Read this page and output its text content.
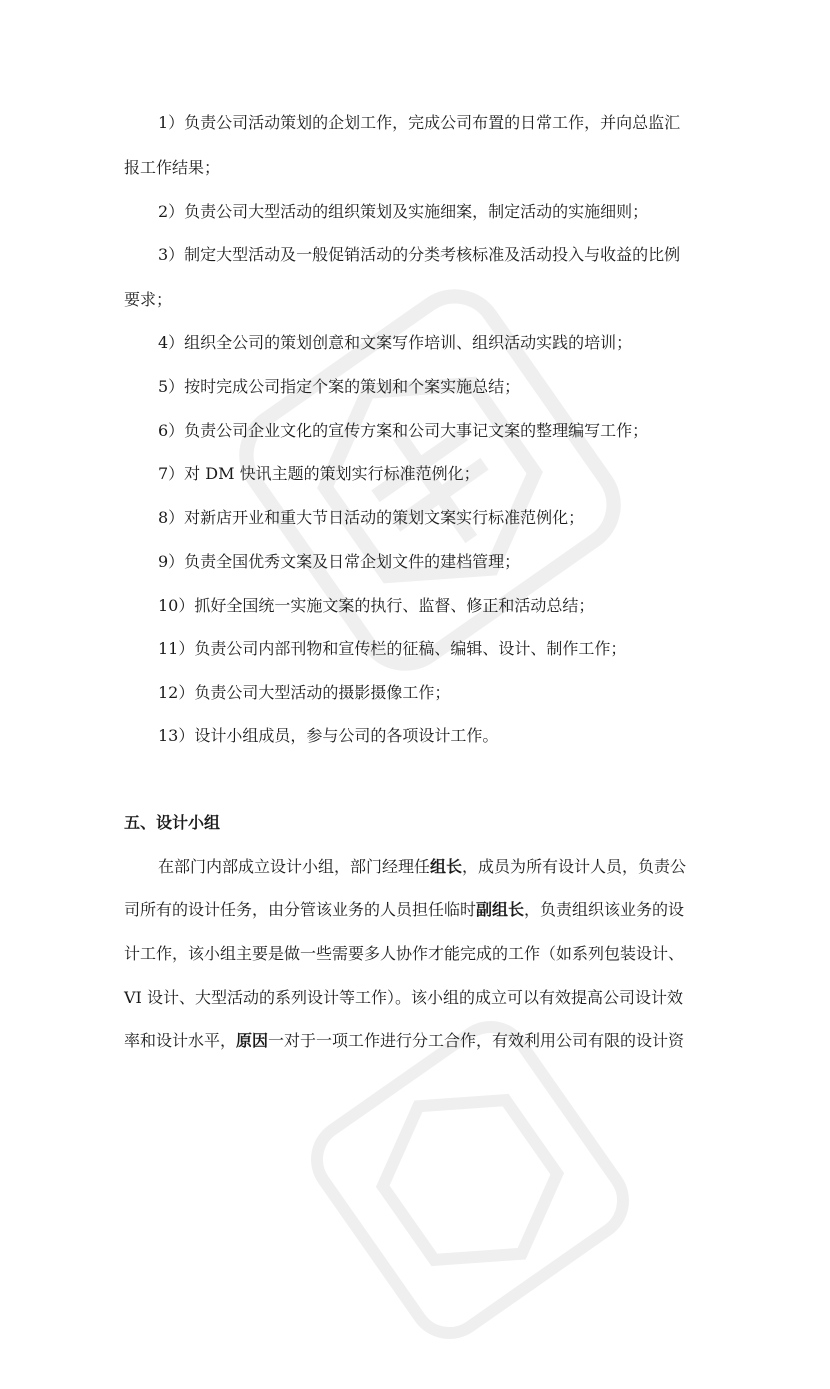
1）负责公司活动策划的企划工作，完成公司布置的日常工作，并向总监汇
报工作结果；
2）负责公司大型活动的组织策划及实施细案，制定活动的实施细则；
3）制定大型活动及一般促销活动的分类考核标准及活动投入与收益的比例
要求；
4）组织全公司的策划创意和文案写作培训、组织活动实践的培训；
5）按时完成公司指定个案的策划和个案实施总结；
6）负责公司企业文化的宣传方案和公司大事记文案的整理编写工作；
7）对 DM 快讯主题的策划实行标准范例化；
8）对新店开业和重大节日活动的策划文案实行标准范例化；
9）负责全国优秀文案及日常企划文件的建档管理；
10）抓好全国统一实施文案的执行、监督、修正和活动总结；
11）负责公司内部刊物和宣传栏的征稿、编辑、设计、制作工作；
12）负责公司大型活动的摄影摄像工作；
13）设计小组成员，参与公司的各项设计工作。
五、设计小组
在部门内部成立设计小组，部门经理任组长，成员为所有设计人员，负责公
司所有的设计任务，由分管该业务的人员担任临时副组长，负责组织该业务的设
计工作，该小组主要是做一些需要多人协作才能完成的工作（如系列包装设计、
VI 设计、大型活动的系列设计等工作）。该小组的成立可以有效提高公司设计效
率和设计水平，原因一对于一项工作进行分工合作，有效利用公司有限的设计资
